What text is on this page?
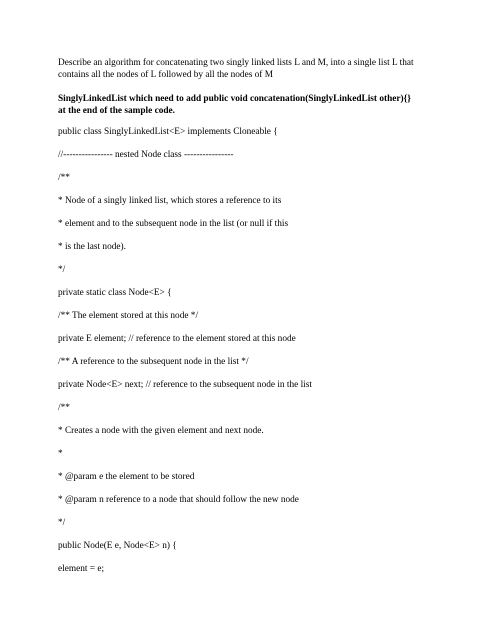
Describe an algorithm for concatenating two singly linked lists L and M, into a single list L that

contains all the nodes of L followed by all the nodes of M

SinglyLinkedList which need to add public void concatenation(SinglyLinkedList other){}

at the end of the sample code.

public class SinglyLinkedList<E> implements Cloneable {

//---------------- nested Node class ----------------

/**

* Node of a singly linked list, which stores a reference to its

* element and to the subsequent node in the list (or null if this

* is the last node).

*/

private static class Node<E> {

/** The element stored at this node */

private E element; // reference to the element stored at this node

/** A reference to the subsequent node in the list */

private Node<E> next; // reference to the subsequent node in the list

/**

* Creates a node with the given element and next node.

*

* @param e the element to be stored

* @param n reference to a node that should follow the new node

*/

public Node(E e, Node<E> n) {

element = e;
